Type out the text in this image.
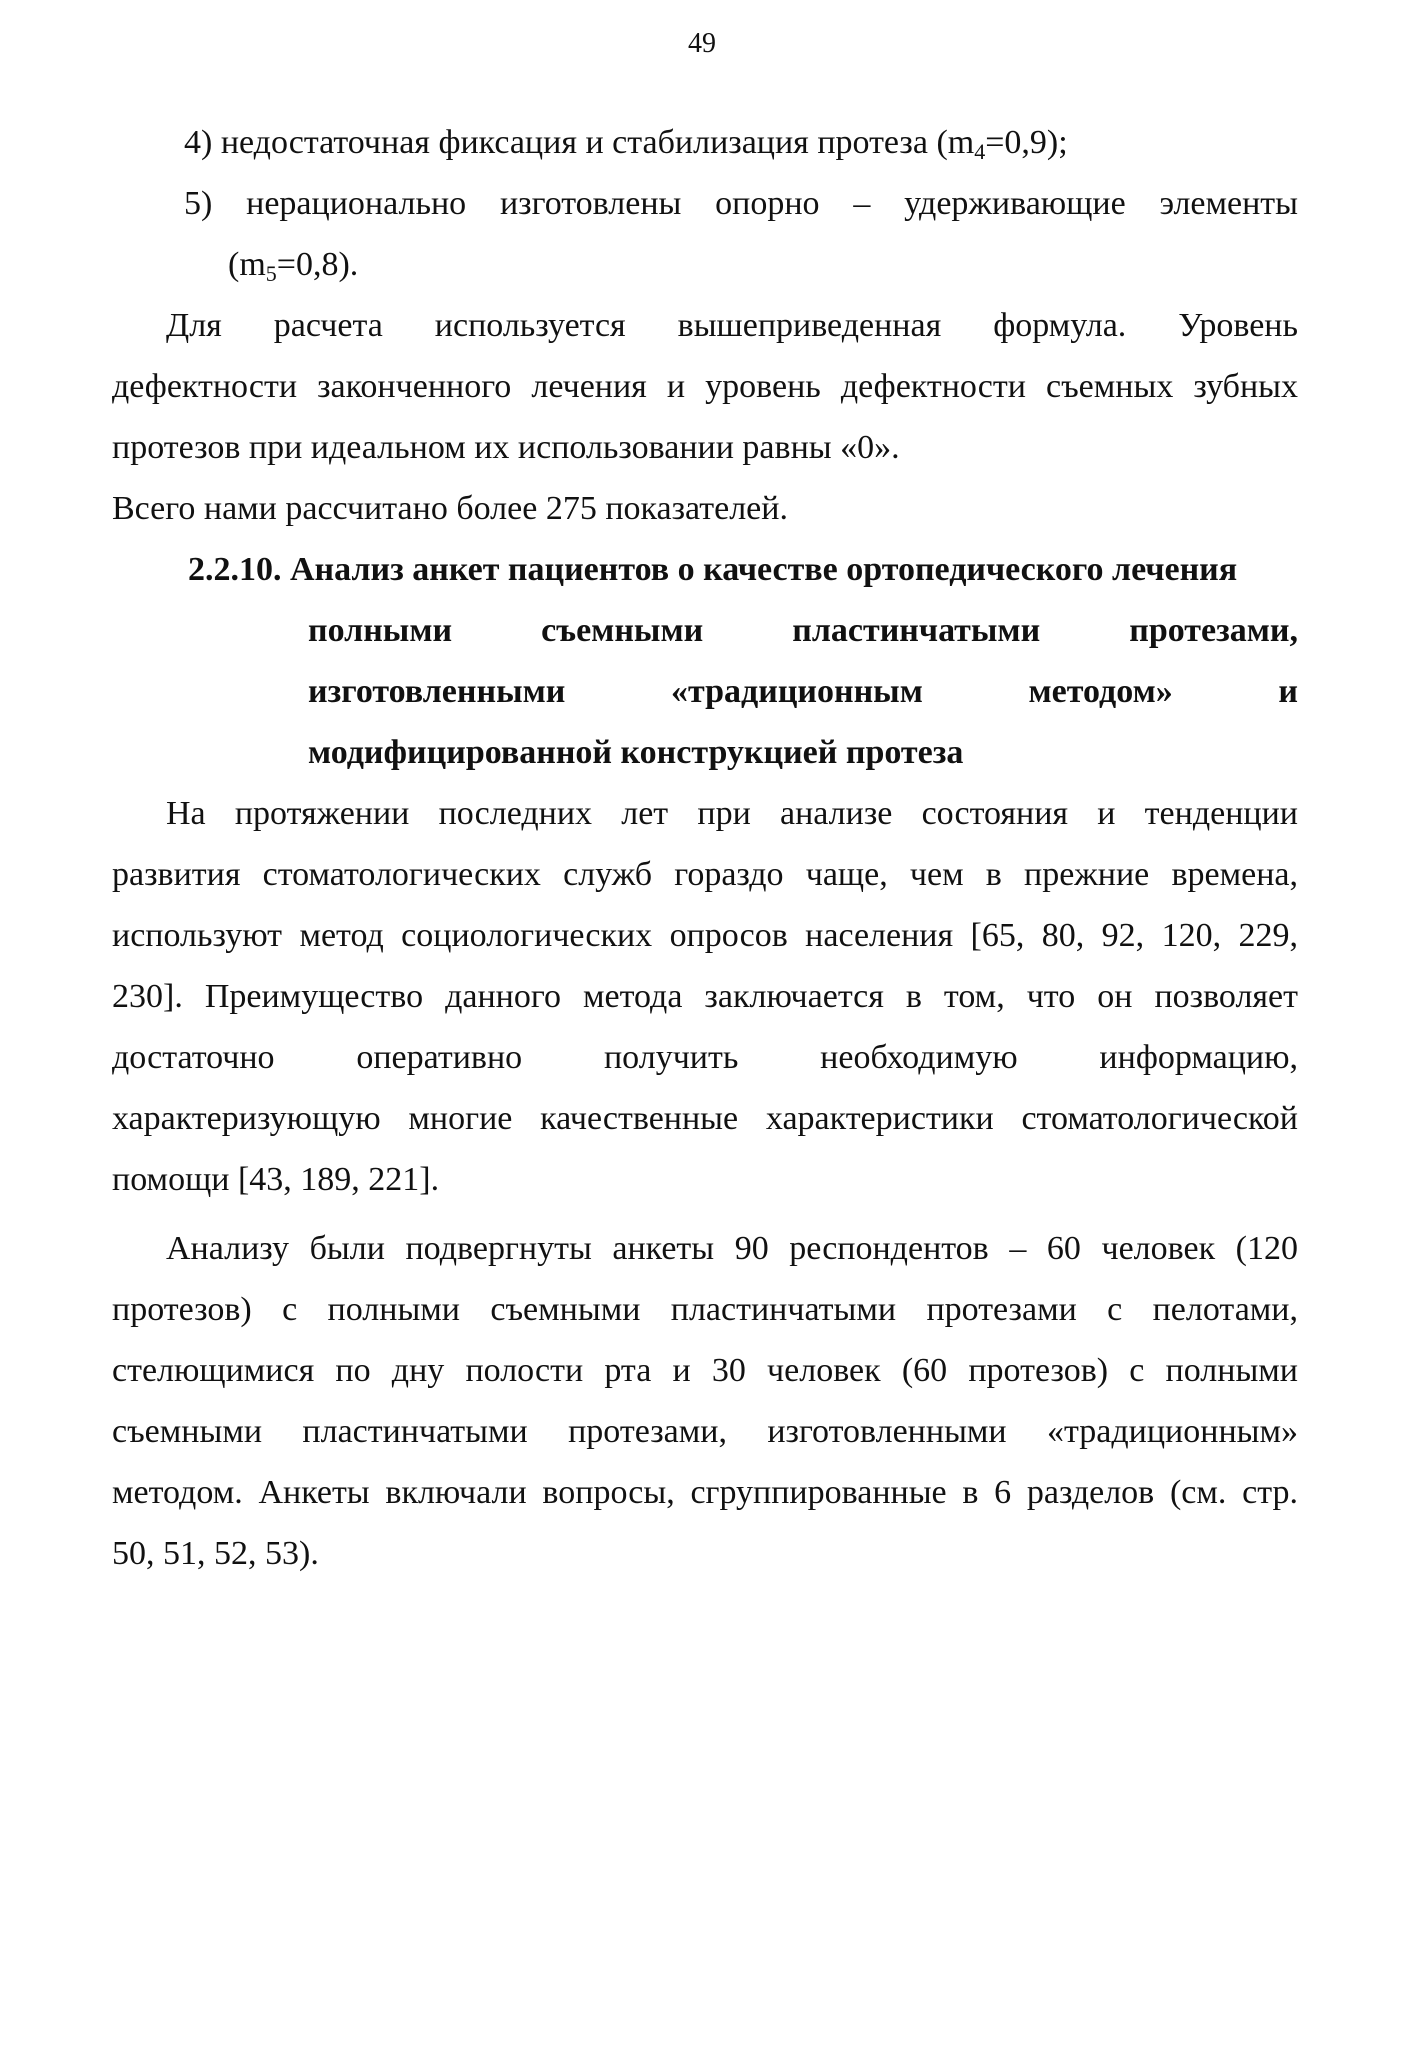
49
4) недостаточная фиксация и стабилизация протеза $(m_4=0,9)$;
5) нерационально изготовлены опорно – удерживающие элементы
$(m_5=0,8)$.
Для расчета используется вышеприведенная формула. Уровень
дефектности законченного лечения и уровень дефектности съемных зубных
протезов при идеальном их использовании равны «0».
Всего нами рассчитано более 275 показателей.
2.2.10. Анализ анкет пациентов о качестве ортопедического лечения
полными съемными пластинчатыми протезами,
изготовленными «традиционным методом» и
модифицированной конструкцией протеза
На протяжении последних лет при анализе состояния и тенденции
развития стоматологических служб гораздо чаще, чем в прежние времена,
используют метод социологических опросов населения [65, 80, 92, 120, 229,
230]. Преимущество данного метода заключается в том, что он позволяет
достаточно оперативно получить необходимую информацию,
характеризующую многие качественные характеристики стоматологической
помощи [43, 189, 221].
Анализу были подвергнуты анкеты 90 респондентов – 60 человек (120
протезов) с полными съемными пластинчатыми протезами с пелотами,
стелющимися по дну полости рта и 30 человек (60 протезов) с полными
съемными пластинчатыми протезами, изготовленными «традиционным»
методом. Анкеты включали вопросы, сгруппированные в 6 разделов (см. стр.
50, 51, 52, 53).
